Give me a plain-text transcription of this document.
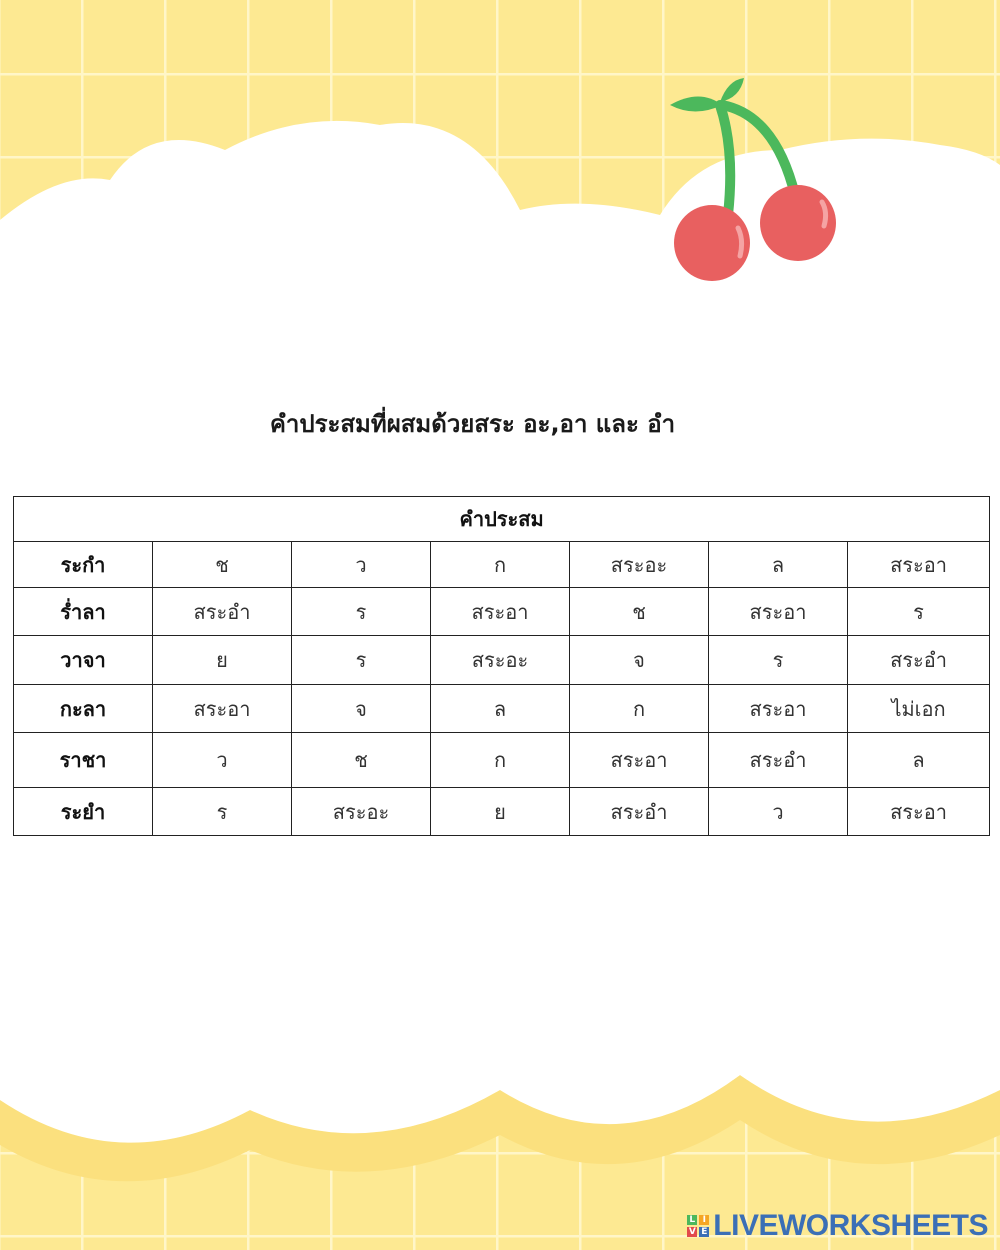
คำประสมที่ผสมด้วยสระ อะ,อา และ อำ
คำประสม						
ระกำ	ช	ว	ก	สระอะ	ล	สระอา
ร่ำลา	สระอำ	ร	สระอา	ช	สระอา	ร
วาจา	ย	ร	สระอะ	จ	ร	สระอำ
กะลา	สระอา	จ	ล	ก	สระอา	ไม่เอก
ราชา	ว	ช	ก	สระอา	สระอำ	ล
ระยำ	ร	สระอะ	ย	สระอำ	ว	สระอา
L I
V E LIVEWORKSHEETS
